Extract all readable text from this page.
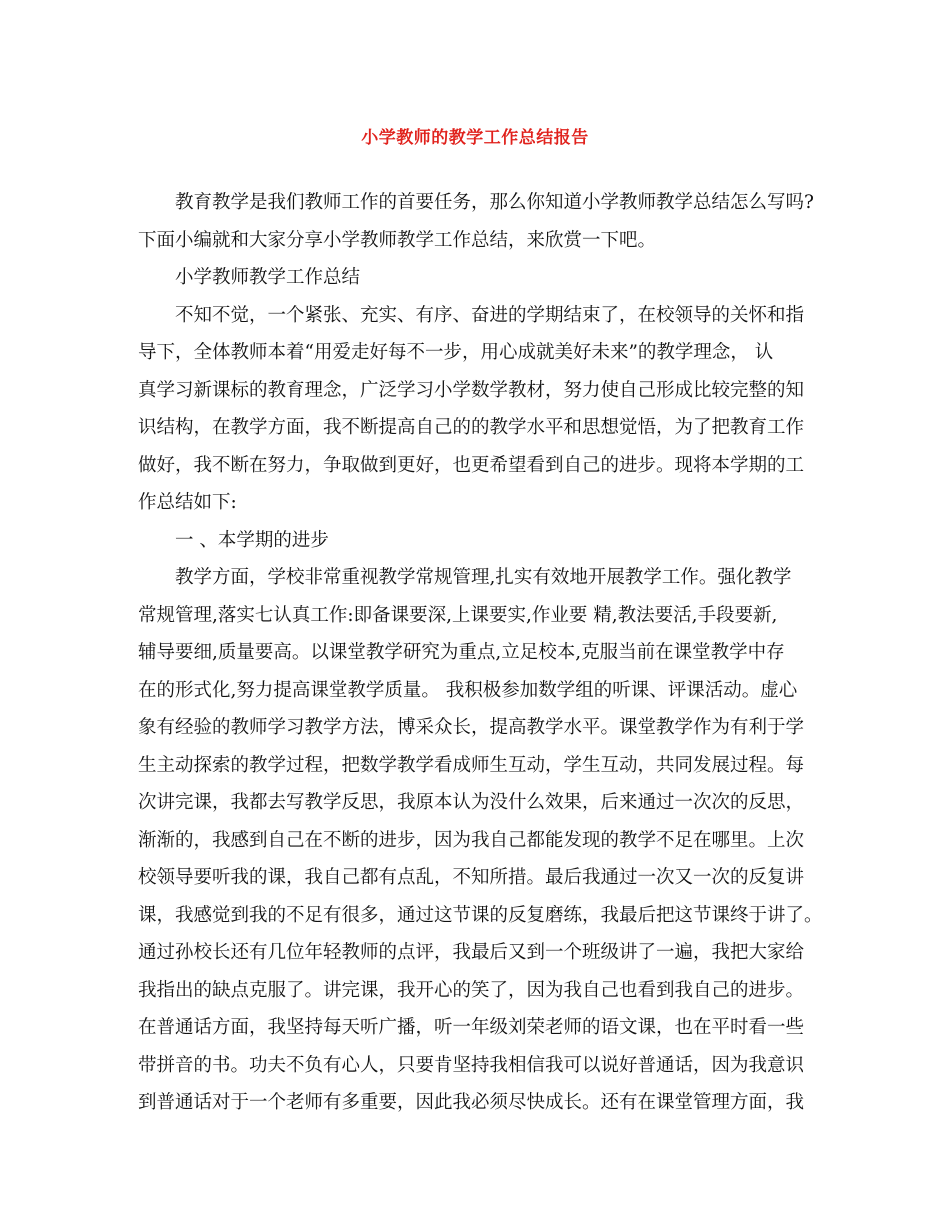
小学教师的教学工作总结报告
教育教学是我们教师工作的首要任务，那么你知道小学教师教学总结怎么写吗?
下面小编就和大家分享小学教师教学工作总结，来欣赏一下吧。
小学教师教学工作总结
不知不觉，一个紧张、充实、有序、奋进的学期结束了，在校领导的关怀和指
导下，全体教师本着“用爱走好每不一步，用心成就美好未来”的教学理念， 认
真学习新课标的教育理念，广泛学习小学数学教材，努力使自己形成比较完整的知
识结构，在教学方面，我不断提高自己的的教学水平和思想觉悟，为了把教育工作
做好，我不断在努力，争取做到更好，也更希望看到自己的进步。现将本学期的工
作总结如下:
一 、本学期的进步
教学方面，学校非常重视教学常规管理,扎实有效地开展教学工作。强化教学
常规管理,落实七认真工作:即备课要深,上课要实,作业要 精,教法要活,手段要新,
辅导要细,质量要高。以课堂教学研究为重点,立足校本,克服当前在课堂教学中存
在的形式化,努力提高课堂教学质量。 我积极参加数学组的听课、评课活动。虚心
象有经验的教师学习教学方法，博采众长，提高教学水平。课堂教学作为有利于学
生主动探索的教学过程，把数学教学看成师生互动，学生互动，共同发展过程。每
次讲完课，我都去写教学反思，我原本认为没什么效果，后来通过一次次的反思，
渐渐的，我感到自己在不断的进步，因为我自己都能发现的教学不足在哪里。上次
校领导要听我的课，我自己都有点乱，不知所措。最后我通过一次又一次的反复讲
课，我感觉到我的不足有很多，通过这节课的反复磨练，我最后把这节课终于讲了。
通过孙校长还有几位年轻教师的点评，我最后又到一个班级讲了一遍，我把大家给
我指出的缺点克服了。讲完课，我开心的笑了，因为我自己也看到我自己的进步。
在普通话方面，我坚持每天听广播，听一年级刘荣老师的语文课，也在平时看一些
带拼音的书。功夫不负有心人，只要肯坚持我相信我可以说好普通话，因为我意识
到普通话对于一个老师有多重要，因此我必须尽快成长。还有在课堂管理方面，我
